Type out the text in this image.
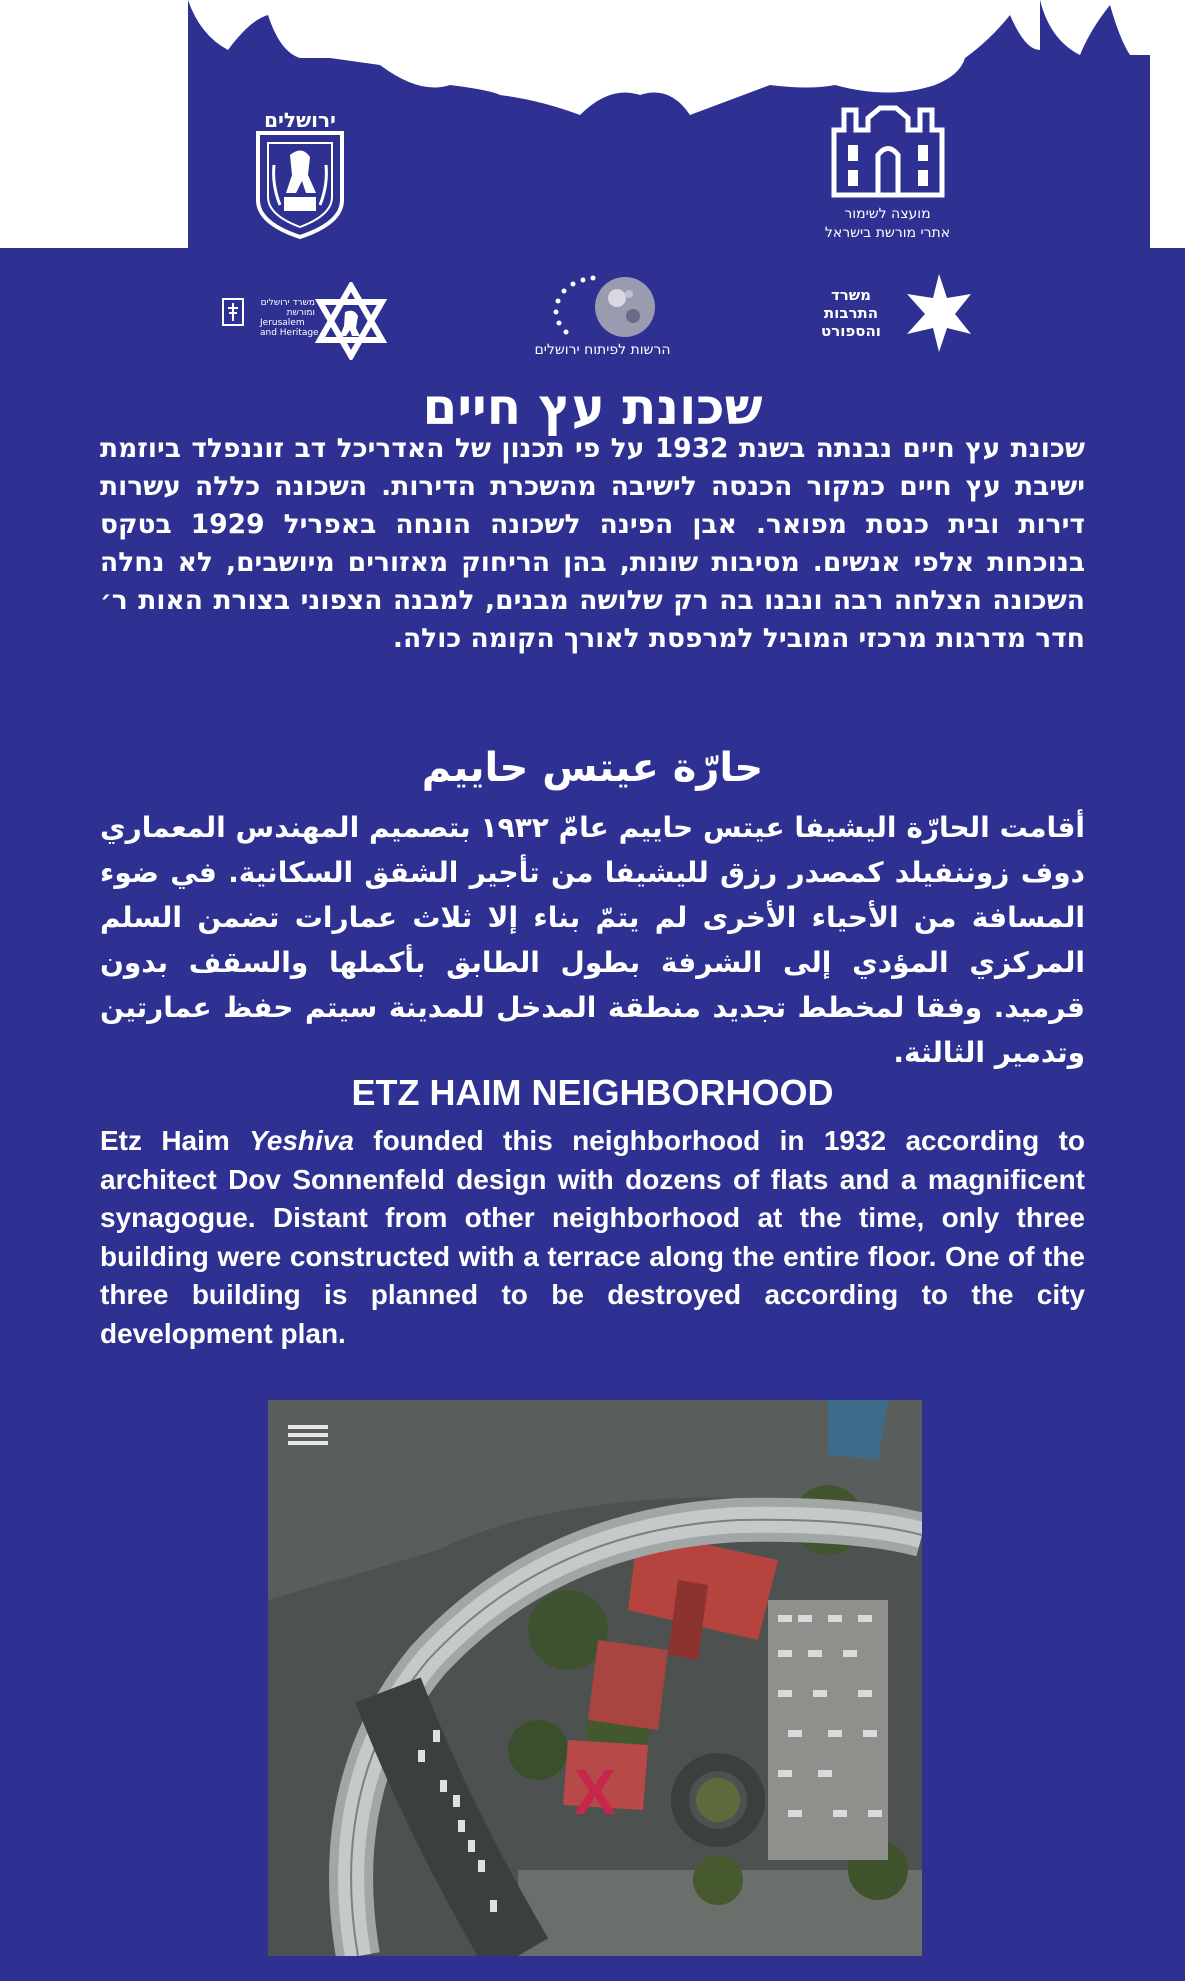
ירושלים
מועצה לשימור
אתרי מורשת בישראל
משרד ירושלים ומורשת
Jerusalem
and Heritage
הרשות לפיתוח ירושלים
משרד התרבות והספורט
שכונת עץ חיים

שכונת עץ חיים נבנתה בשנת 1932 על פי תכנון של האדריכל דב זוננפלד ביוזמת ישיבת עץ חיים כמקור הכנסה לישיבה מהשכרת הדירות. השכונה כללה עשרות דירות ובית כנסת מפואר. אבן הפינה לשכונה הונחה באפריל 1929 בטקס בנוכחות אלפי אנשים. מסיבות שונות, בהן הריחוק מאזורים מיושבים, לא נחלה השכונה הצלחה רבה ונבנו בה רק שלושה מבנים, למבנה הצפוני בצורת האות ר׳ חדר מדרגות מרכזי המוביל למרפסת לאורך הקומה כולה.

حارّة عيتس حاييم

أقامت الحارّة اليشيفا عيتس حاييم عامّ ١٩٣٢ بتصميم المهندس المعماري دوف زوننفيلد كمصدر رزق لليشيفا من تأجير الشقق السكانية. في ضوء المسافة من الأحياء الأخرى لم يتمّ بناء إلا ثلاث عمارات تضمن السلم المركزي المؤدي إلى الشرفة بطول الطابق بأكملها والسقف بدون قرميد. وفقا لمخطط تجديد منطقة المدخل للمدينة سيتم حفظ عمارتين وتدمير الثالثة.

ETZ HAIM NEIGHBORHOOD

Etz Haim Yeshiva founded this neighborhood in 1932 according to architect Dov Sonnenfeld design with dozens of flats and a magnificent synagogue. Distant from other neighborhood at the time, only three building were constructed with a terrace along the entire floor. One of the three building is planned to be destroyed according to the city development plan.

X
